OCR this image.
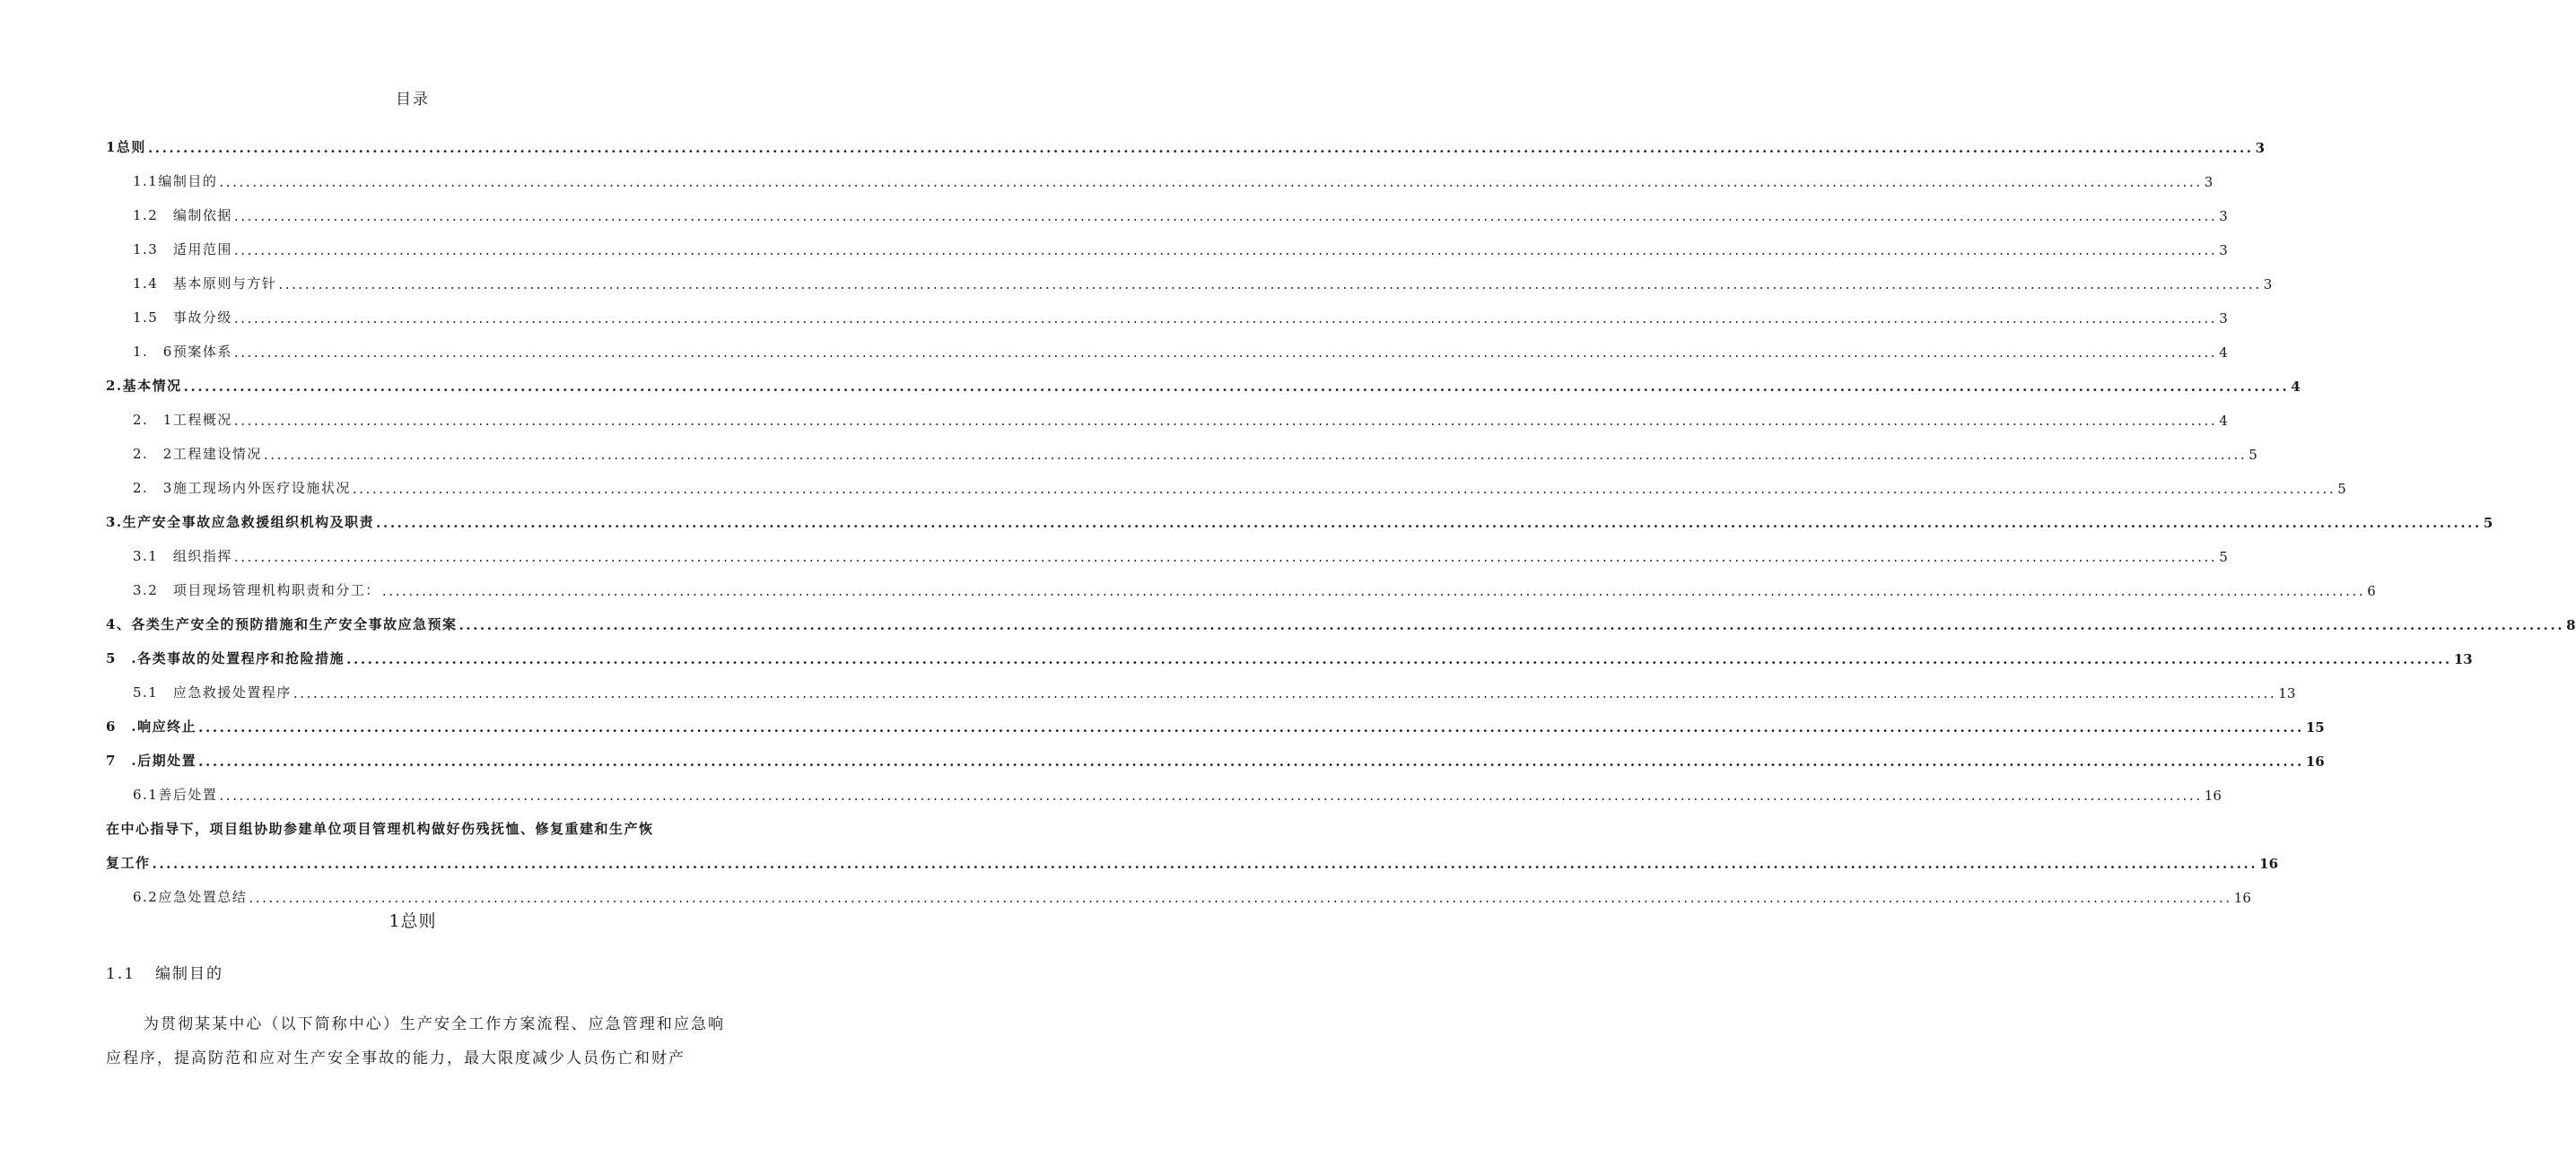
目录
1总则 ............................................................................................................................................................................................................................................................................................................ 3
1.1编制目的 ............................................................................................................................................................................................................................................................................................................ 3
1.2　编制依据 ............................................................................................................................................................................................................................................................................................................ 3
1.3　适用范围 ............................................................................................................................................................................................................................................................................................................ 3
1.4　基本原则与方针 ............................................................................................................................................................................................................................................................................................................ 3
1.5　事故分级 ............................................................................................................................................................................................................................................................................................................ 3
1.　6预案体系 ............................................................................................................................................................................................................................................................................................................ 4
2.基本情况 ............................................................................................................................................................................................................................................................................................................ 4
2.　1工程概况 ............................................................................................................................................................................................................................................................................................................ 4
2.　2工程建设情况 ............................................................................................................................................................................................................................................................................................................ 5
2.　3施工现场内外医疗设施状况 ............................................................................................................................................................................................................................................................................................................ 5
3.生产安全事故应急救援组织机构及职责 ............................................................................................................................................................................................................................................................................................................ 5
3.1　组织指挥 ............................................................................................................................................................................................................................................................................................................ 5
3.2　项目现场管理机构职责和分工： ............................................................................................................................................................................................................................................................................................................ 6
4、各类生产安全的预防措施和生产安全事故应急预案 ............................................................................................................................................................................................................................................................................................................ 8
5　.各类事故的处置程序和抢险措施 ............................................................................................................................................................................................................................................................................................................ 13
5.1　应急救援处置程序 ............................................................................................................................................................................................................................................................................................................ 13
6　.响应终止 ............................................................................................................................................................................................................................................................................................................ 15
7　.后期处置 ............................................................................................................................................................................................................................................................................................................ 16
6.1善后处置 ............................................................................................................................................................................................................................................................................................................ 16
在中心指导下，项目组协助参建单位项目管理机构做好伤残抚恤、修复重建和生产恢
复工作 ............................................................................................................................................................................................................................................................................................................ 16
6.2应急处置总结 ............................................................................................................................................................................................................................................................................................................ 16
1总则
1.1 编制目的
为贯彻某某中心（以下简称中心）生产安全工作方案流程、应急管理和应急响应程序，提高防范和应对生产安全事故的能力，最大限度减少人员伤亡和财产
